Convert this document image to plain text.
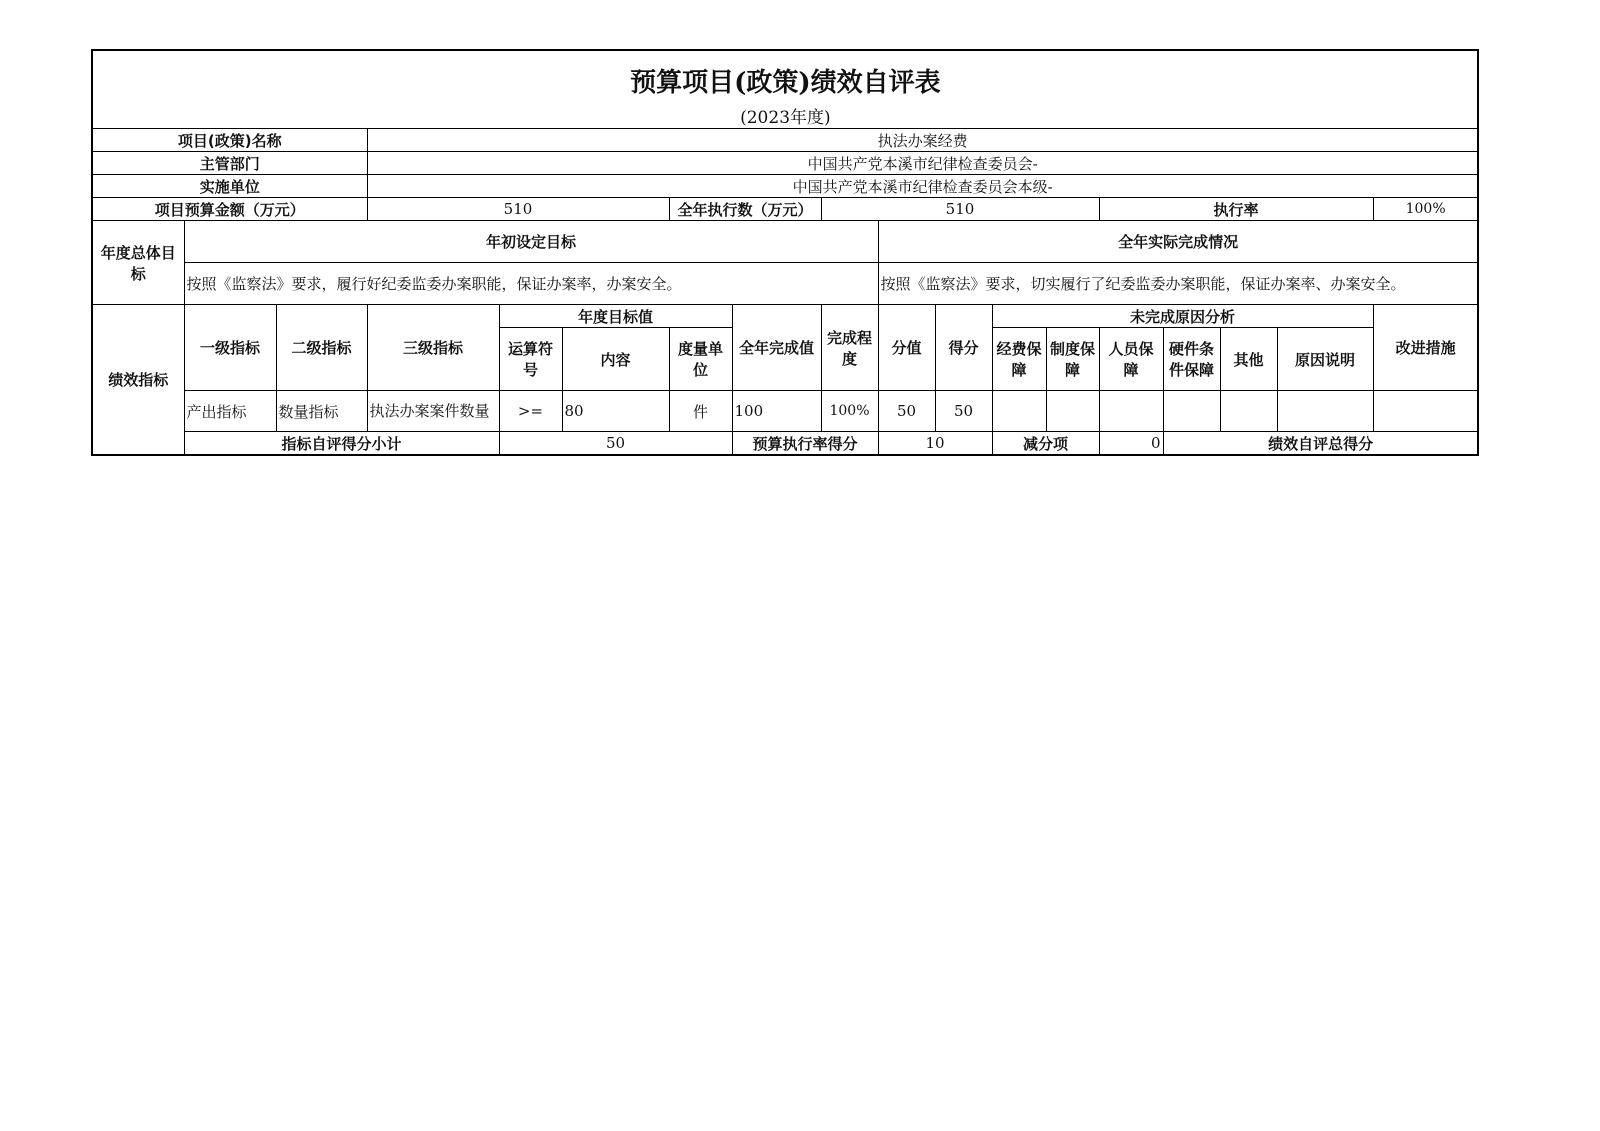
预算项目(政策)绩效自评表																		
(2023年度)																		
项目(政策)名称			执法办案经费															
主管部门			中国共产党本溪市纪律检查委员会-															
实施单位			中国共产党本溪市纪律检查委员会本级-															
项目预算金额（万元）			510			全年执行数（万元）		510					执行率				100%	
年度总体目标	年初设定目标								全年实际完成情况									
	按照《监察法》要求，履行好纪委监委办案职能，保证办案率，办案安全。								按照《监察法》要求，切实履行了纪委监委办案职能，保证办案率、办案安全。									
绩效指标	一级指标	二级指标	三级指标	年度目标值			全年完成值	完成程度	分值	得分	未完成原因分析						改进措施	
				运算符号	内容	度量单位					经费保障	制度保障	人员保障	硬件条件保障	其他	原因说明		
	产出指标	数量指标	执法办案案件数量	>=	80	件	100	100%	50	50								
	指标自评得分小计			50			预算执行率得分		10		减分项		0	绩效自评总得分	
